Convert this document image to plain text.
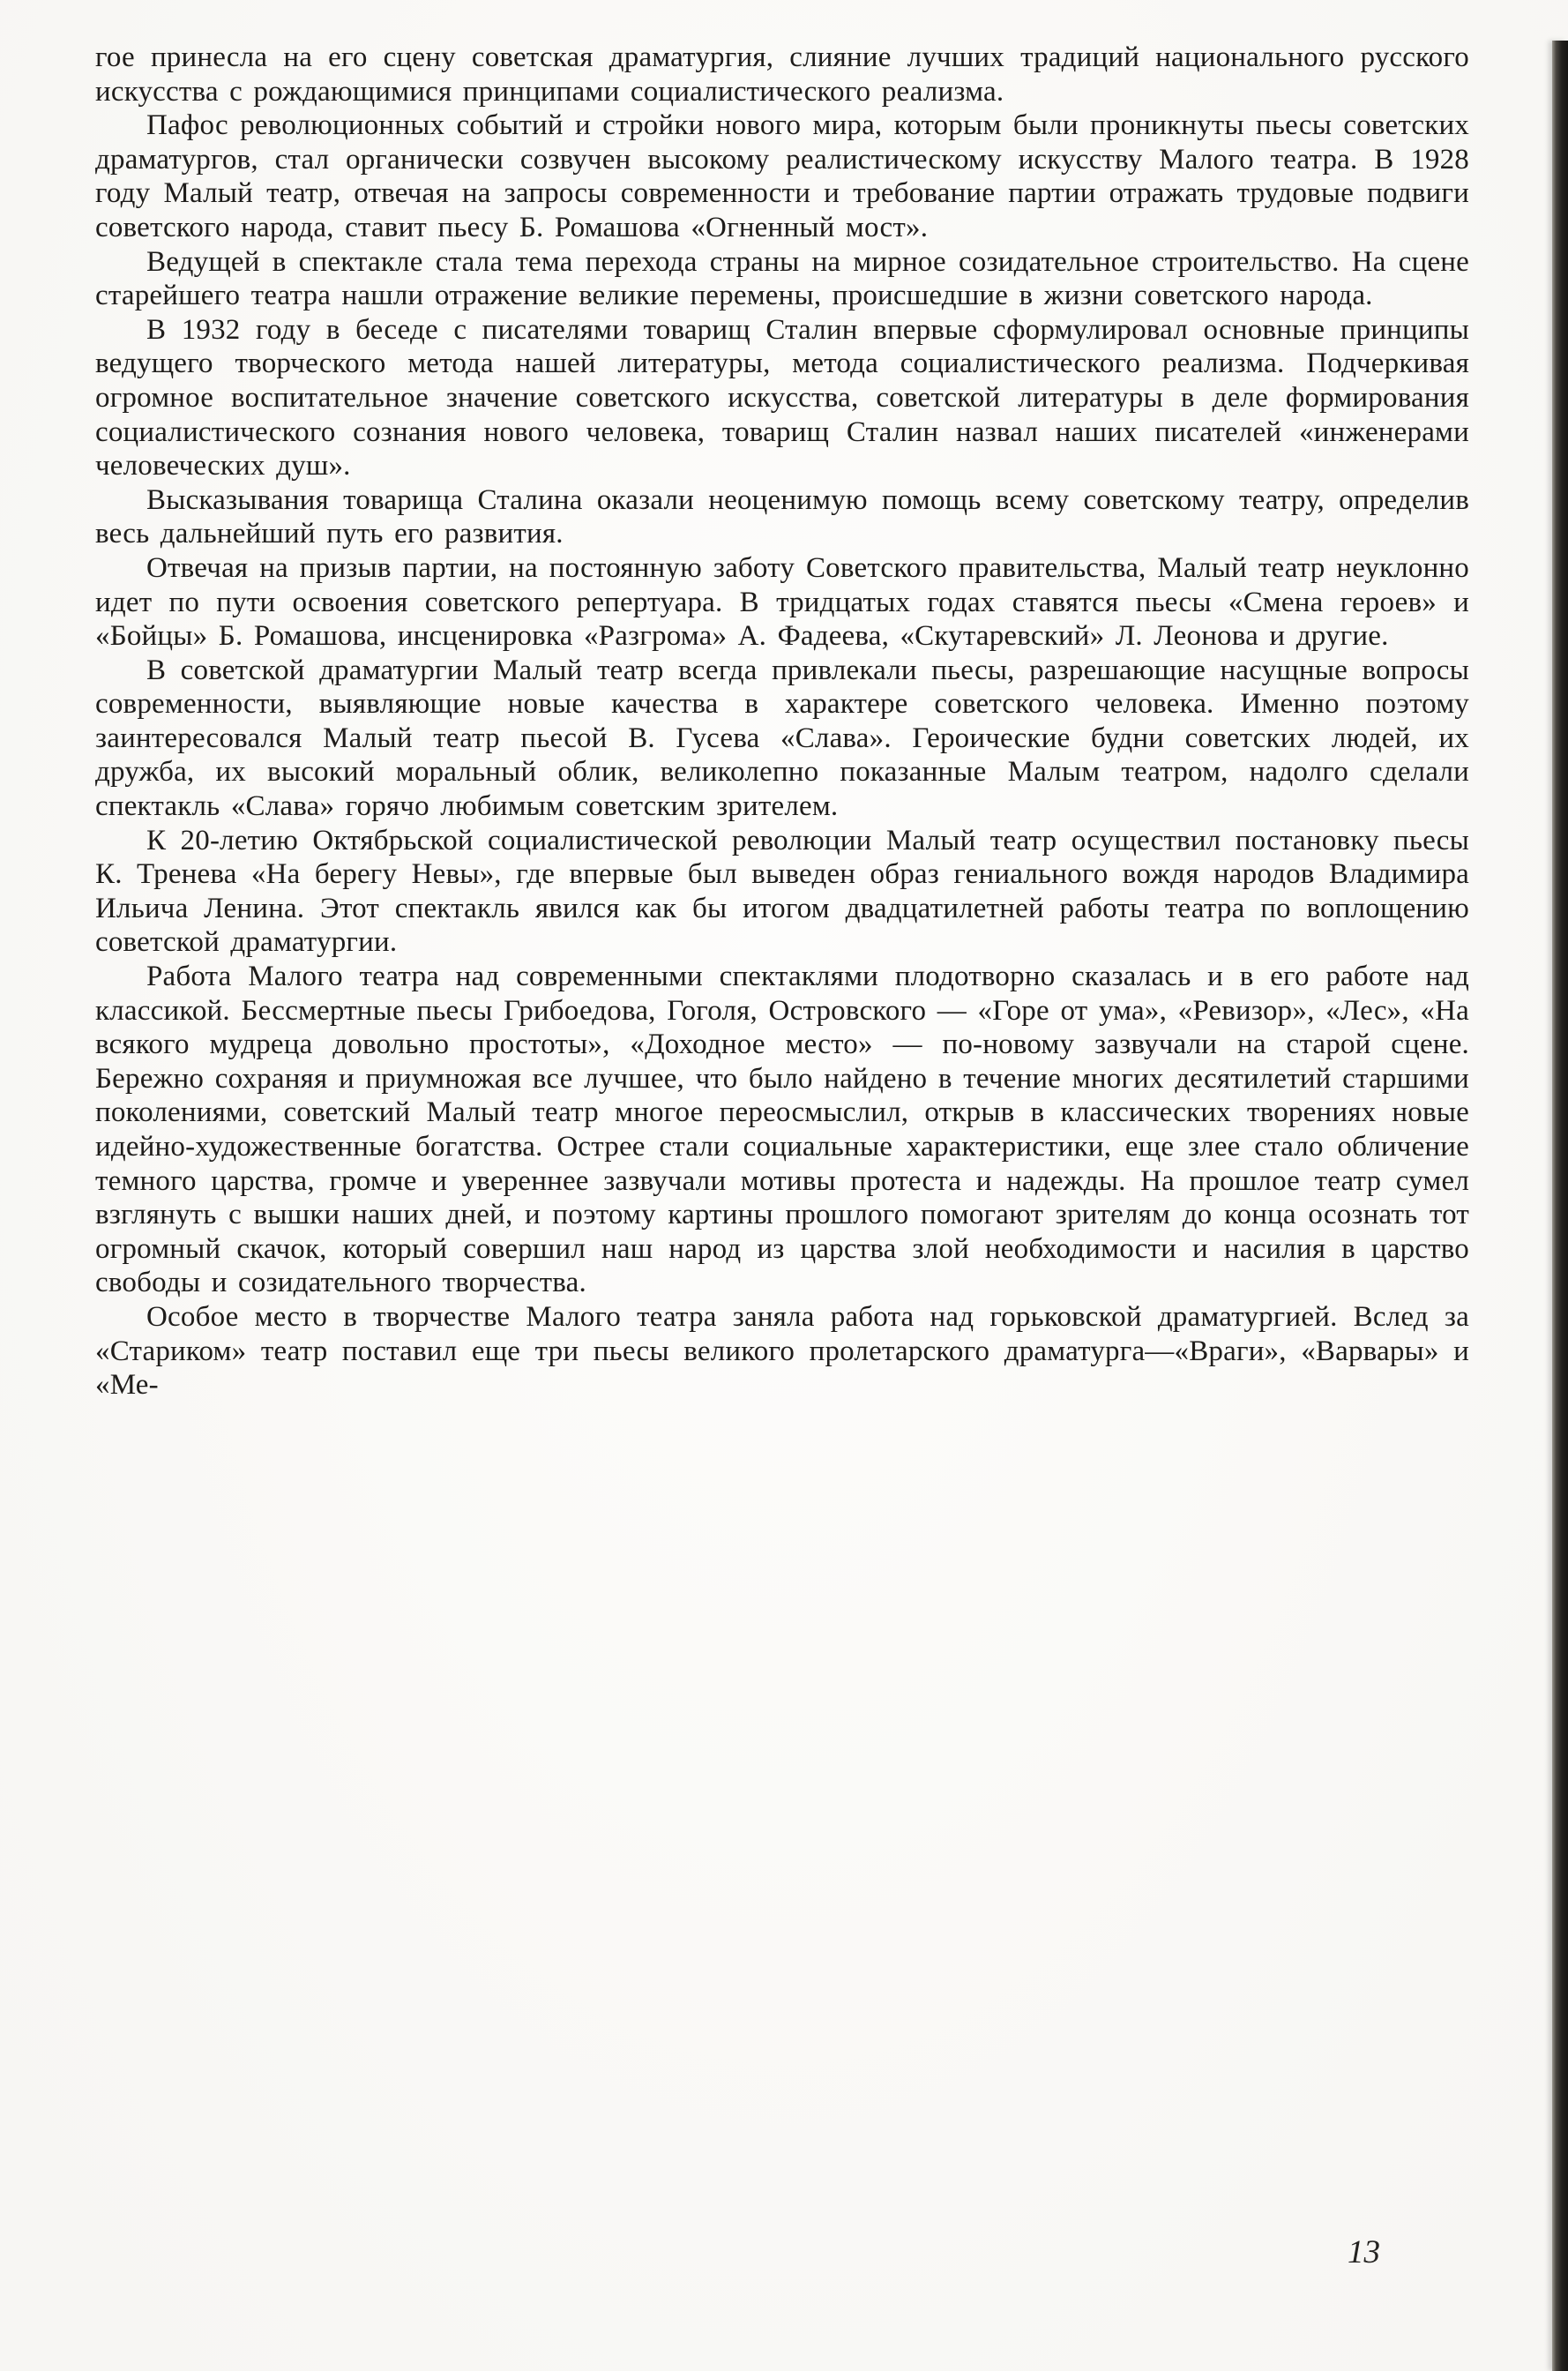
гое принесла на его сцену советская драматургия, слияние лучших традиций национального русского искусства с рождающимися принципами социалистического реализма.

Пафос революционных событий и стройки нового мира, которым были проникнуты пьесы советских драматургов, стал органически созвучен высокому реалистическому искусству Малого театра. В 1928 году Малый театр, отвечая на запросы современности и требование партии отражать трудовые подвиги советского народа, ставит пьесу Б. Ромашова «Огненный мост».

Ведущей в спектакле стала тема перехода страны на мирное созидательное строительство. На сцене старейшего театра нашли отражение великие перемены, происшедшие в жизни советского народа.

В 1932 году в беседе с писателями товарищ Сталин впервые сформулировал основные принципы ведущего творческого метода нашей литературы, метода социалистического реализма. Подчеркивая огромное воспитательное значение советского искусства, советской литературы в деле формирования социалистического сознания нового человека, товарищ Сталин назвал наших писателей «инженерами человеческих душ».

Высказывания товарища Сталина оказали неоценимую помощь всему советскому театру, определив весь дальнейший путь его развития.

Отвечая на призыв партии, на постоянную заботу Советского правительства, Малый театр неуклонно идет по пути освоения советского репертуара. В тридцатых годах ставятся пьесы «Смена героев» и «Бойцы» Б. Ромашова, инсценировка «Разгрома» А. Фадеева, «Скутаревский» Л. Леонова и другие.

В советской драматургии Малый театр всегда привлекали пьесы, разрешающие насущные вопросы современности, выявляющие новые качества в характере советского человека. Именно поэтому заинтересовался Малый театр пьесой В. Гусева «Слава». Героические будни советских людей, их дружба, их высокий моральный облик, великолепно показанные Малым театром, надолго сделали спектакль «Слава» горячо любимым советским зрителем.

К 20-летию Октябрьской социалистической революции Малый театр осуществил постановку пьесы К. Тренева «На берегу Невы», где впервые был выведен образ гениального вождя народов Владимира Ильича Ленина. Этот спектакль явился как бы итогом двадцатилетней работы театра по воплощению советской драматургии.

Работа Малого театра над современными спектаклями плодотворно сказалась и в его работе над классикой. Бессмертные пьесы Грибоедова, Гоголя, Островского — «Горе от ума», «Ревизор», «Лес», «На всякого мудреца довольно простоты», «Доходное место» — по-новому зазвучали на старой сцене. Бережно сохраняя и приумножая все лучшее, что было найдено в течение многих десятилетий старшими поколениями, советский Малый театр многое переосмыслил, открыв в классических творениях новые идейно-художественные богатства. Острее стали социальные характеристики, еще злее стало обличение темного царства, громче и увереннее зазвучали мотивы протеста и надежды. На прошлое театр сумел взглянуть с вышки наших дней, и поэтому картины прошлого помогают зрителям до конца осознать тот огромный скачок, который совершил наш народ из царства злой необходимости и насилия в царство свободы и созидательного творчества.

Особое место в творчестве Малого театра заняла работа над горьковской драматургией. Вслед за «Стариком» театр поставил еще три пьесы великого пролетарского драматурга—«Враги», «Варвары» и «Ме-

13
